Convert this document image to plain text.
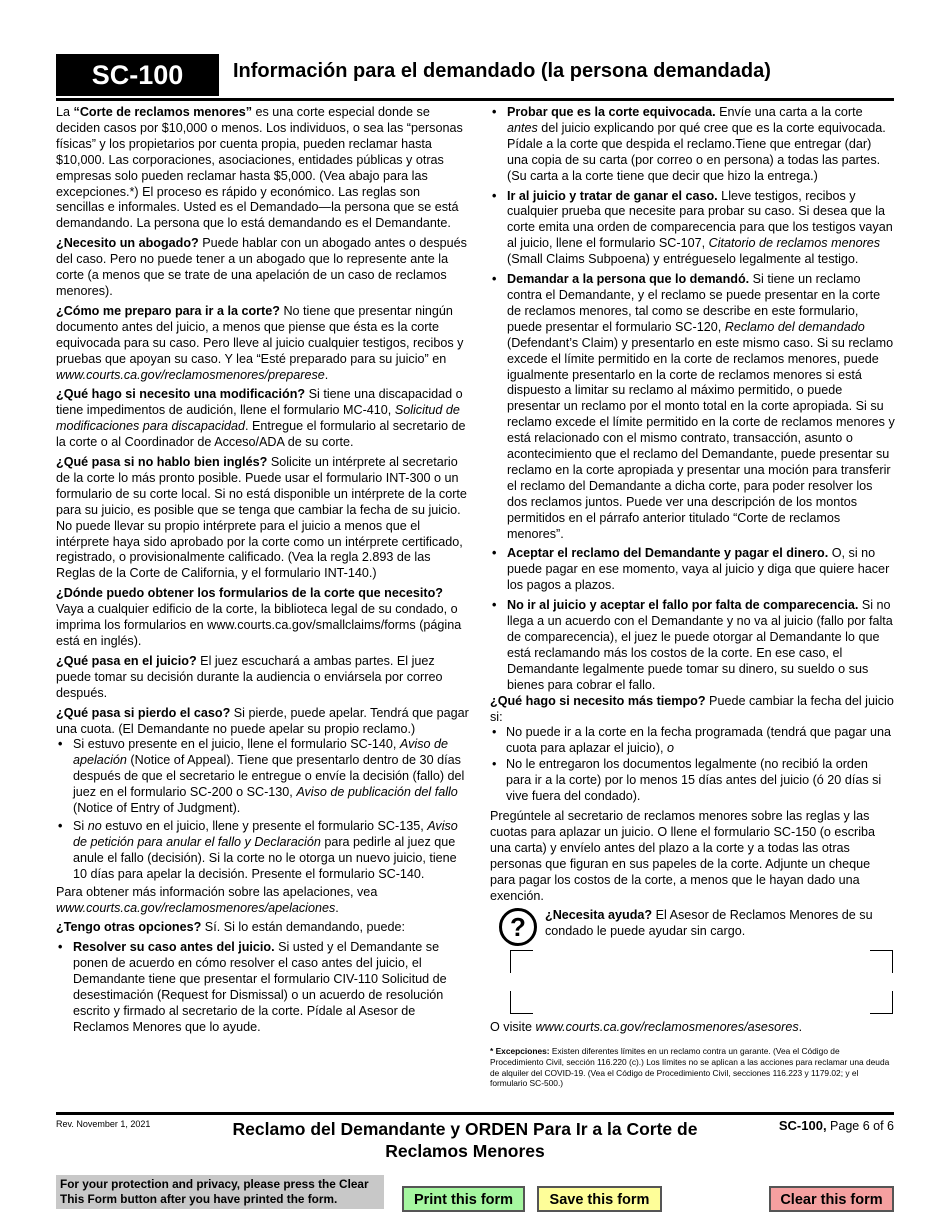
SC-100	Información para el demandado (la persona demandada)

La “Corte de reclamos menores” es una corte especial donde se deciden casos por $10,000 o menos. Los individuos, o sea las “personas físicas” y los propietarios por cuenta propia, pueden reclamar hasta $10,000. Las corporaciones, asociaciones, entidades públicas y otras empresas solo pueden reclamar hasta $5,000. (Vea abajo para las excepciones.*) El proceso es rápido y económico. Las reglas son sencillas e informales. Usted es el Demandado—la persona que se está demandando. La persona que lo está demandando es el Demandante.

¿Necesito un abogado? Puede hablar con un abogado antes o después del caso. Pero no puede tener a un abogado que lo represente ante la corte (a menos que se trate de una apelación de un caso de reclamos menores).

¿Cómo me preparo para ir a la corte? No tiene que presentar ningún documento antes del juicio, a menos que piense que ésta es la corte equivocada para su caso. Pero lleve al juicio cualquier testigos, recibos y pruebas que apoyan su caso. Y lea “Esté preparado para su juicio” en www.courts.ca.gov/reclamosmenores/preparese.

¿Qué hago si necesito una modificación? Si tiene una discapacidad o tiene impedimentos de audición, llene el formulario MC-410, Solicitud de modificaciones para discapacidad. Entregue el formulario al secretario de la corte o al Coordinador de Acceso/ADA de su corte.

¿Qué pasa si no hablo bien inglés? Solicite un intérprete al secretario de la corte lo más pronto posible. Puede usar el formulario INT-300 o un formulario de su corte local. Si no está disponible un intérprete de la corte para su juicio, es posible que se tenga que cambiar la fecha de su juicio. No puede llevar su propio intérprete para el juicio a menos que el intérprete haya sido aprobado por la corte como un intérprete certificado, registrado, o provisionalmente calificado. (Vea la regla 2.893 de las Reglas de la Corte de California, y el formulario INT-140.)

¿Dónde puedo obtener los formularios de la corte que necesito? Vaya a cualquier edificio de la corte, la biblioteca legal de su condado, o imprima los formularios en www.courts.ca.gov/smallclaims/forms (página está en inglés).

¿Qué pasa en el juicio? El juez escuchará a ambas partes. El juez puede tomar su decisión durante la audiencia o enviársela por correo después.

¿Qué pasa si pierdo el caso? Si pierde, puede apelar. Tendrá que pagar una cuota. (El Demandante no puede apelar su propio reclamo.)

• Si estuvo presente en el juicio, llene el formulario SC-140, Aviso de apelación (Notice of Appeal). Tiene que presentarlo dentro de 30 días después de que el secretario le entregue o envíe la decisión (fallo) del juez en el formulario SC-200 o SC-130, Aviso de publicación del fallo (Notice of Entry of Judgment).
• Si no estuvo en el juicio, llene y presente el formulario SC-135, Aviso de petición para anular el fallo y Declaración para pedirle al juez que anule el fallo (decisión). Si la corte no le otorga un nuevo juicio, tiene 10 días para apelar la decisión. Presente el formulario SC-140.

Para obtener más información sobre las apelaciones, vea www.courts.ca.gov/reclamosmenores/apelaciones.

¿Tengo otras opciones? Sí. Si lo están demandando, puede:

• Resolver su caso antes del juicio. Si usted y el Demandante se ponen de acuerdo en cómo resolver el caso antes del juicio, el Demandante tiene que presentar el formulario CIV-110 Solicitud de desestimación (Request for Dismissal) o un acuerdo de resolución escrito y firmado al secretario de la corte. Pídale al Asesor de Reclamos Menores que lo ayude.
• Probar que es la corte equivocada. Envíe una carta a la corte antes del juicio explicando por qué cree que es la corte equivocada. Pídale a la corte que despida el reclamo.Tiene que entregar (dar) una copia de su carta (por correo o en persona) a todas las partes. (Su carta a la corte tiene que decir que hizo la entrega.)
• Ir al juicio y tratar de ganar el caso. Lleve testigos, recibos y cualquier prueba que necesite para probar su caso. Si desea que la corte emita una orden de comparecencia para que los testigos vayan al juicio, llene el formulario SC-107, Citatorio de reclamos menores (Small Claims Subpoena) y entrégueselo legalmente al testigo.
• Demandar a la persona que lo demandó. Si tiene un reclamo contra el Demandante, y el reclamo se puede presentar en la corte de reclamos menores, tal como se describe en este formulario, puede presentar el formulario SC-120, Reclamo del demandado (Defendant’s Claim) y presentarlo en este mismo caso. Si su reclamo excede el límite permitido en la corte de reclamos menores, puede igualmente presentarlo en la corte de reclamos menores si está dispuesto a limitar su reclamo al máximo permitido, o puede presentar un reclamo por el monto total en la corte apropiada. Si su reclamo excede el límite permitido en la corte de reclamos menores y está relacionado con el mismo contrato, transacción, asunto o acontecimiento que el reclamo del Demandante, puede presentar su reclamo en la corte apropiada y presentar una moción para transferir el reclamo del Demandante a dicha corte, para poder resolver los dos reclamos juntos. Puede ver una descripción de los montos permitidos en el párrafo anterior titulado “Corte de reclamos menores”.
• Aceptar el reclamo del Demandante y pagar el dinero. O, si no puede pagar en ese momento, vaya al juicio y diga que quiere hacer los pagos a plazos.
• No ir al juicio y aceptar el fallo por falta de comparecencia. Si no llega a un acuerdo con el Demandante y no va al juicio (fallo por falta de comparecencia), el juez le puede otorgar al Demandante lo que está reclamando más los costos de la corte. En ese caso, el Demandante legalmente puede tomar su dinero, su sueldo o sus bienes para cobrar el fallo.

¿Qué hago si necesito más tiempo? Puede cambiar la fecha del juicio si:

• No puede ir a la corte en la fecha programada (tendrá que pagar una cuota para aplazar el juicio), o
• No le entregaron los documentos legalmente (no recibió la orden para ir a la corte) por lo menos 15 días antes del juicio (ó 20 días si vive fuera del condado).

Pregúntele al secretario de reclamos menores sobre las reglas y las cuotas para aplazar un juicio. O llene el formulario SC-150 (o escriba una carta) y envíelo antes del plazo a la corte y a todas las otras personas que figuran en sus papeles de la corte. Adjunte un cheque para pagar los costos de la corte, a menos que le hayan dado una exención.

?	¿Necesita ayuda? El Asesor de Reclamos Menores de su condado le puede ayudar sin cargo.

O visite www.courts.ca.gov/reclamosmenores/asesores.

* Excepciones: Existen diferentes límites en un reclamo contra un garante. (Vea el Código de Procedimiento Civil, sección 116.220 (c).) Los límites no se aplican a las acciones para reclamar una deuda de alquiler del COVID-19. (Vea el Código de Procedimiento Civil, secciones 116.223 y 1179.02; y el formulario SC-500.)
Rev. November 1, 2021	Reclamo del Demandante y ORDEN Para Ir a la Corte de
Reclamos Menores
SC-100, Page 6 of 6
For your protection and privacy, please press the Clear This Form button after you have printed the form.	Print this form	Save this form	Clear this form
